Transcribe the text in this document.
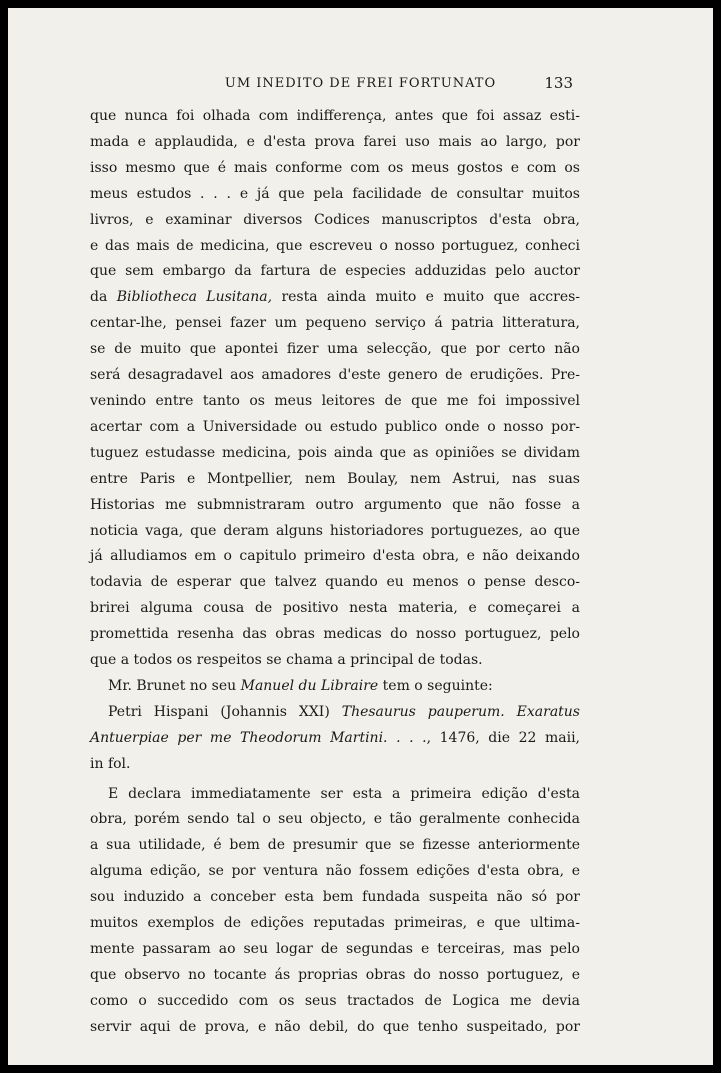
UM INEDITO DE FREI FORTUNATO	133

que nunca foi olhada com indifferença, antes que foi assaz esti-

mada e applaudida, e d'esta prova farei uso mais ao largo, por

isso mesmo que é mais conforme com os meus gostos e com os

meus estudos . . . e já que pela facilidade de consultar muitos

livros, e examinar diversos Codices manuscriptos d'esta obra,

e das mais de medicina, que escreveu o nosso portuguez, conheci

que sem embargo da fartura de especies adduzidas pelo auctor

da Bibliotheca Lusitana, resta ainda muito e muito que accres-

centar-lhe, pensei fazer um pequeno serviço á patria litteratura,

se de muito que apontei fizer uma selecção, que por certo não

será desagradavel aos amadores d'este genero de erudições. Pre-

venindo entre tanto os meus leitores de que me foi impossivel

acertar com a Universidade ou estudo publico onde o nosso por-

tuguez estudasse medicina, pois ainda que as opiniões se dividam

entre Paris e Montpellier, nem Boulay, nem Astrui, nas suas

Historias me submnistraram outro argumento que não fosse a

noticia vaga, que deram alguns historiadores portuguezes, ao que

já alludiamos em o capitulo primeiro d'esta obra, e não deixando

todavia de esperar que talvez quando eu menos o pense desco-

brirei alguma cousa de positivo nesta materia, e começarei a

promettida resenha das obras medicas do nosso portuguez, pelo

que a todos os respeitos se chama a principal de todas.

Mr. Brunet no seu Manuel du Libraire tem o seguinte:

Petri Hispani (Johannis XXI) Thesaurus pauperum. Exaratus

Antuerpiae per me Theodorum Martini. . . ., 1476, die 22 maii,

in fol.

E declara immediatamente ser esta a primeira edição d'esta

obra, porém sendo tal o seu objecto, e tão geralmente conhecida

a sua utilidade, é bem de presumir que se fizesse anteriormente

alguma edição, se por ventura não fossem edições d'esta obra, e

sou induzido a conceber esta bem fundada suspeita não só por

muitos exemplos de edições reputadas primeiras, e que ultima-

mente passaram ao seu logar de segundas e terceiras, mas pelo

que observo no tocante ás proprias obras do nosso portuguez, e

como o succedido com os seus tractados de Logica me devia

servir aqui de prova, e não debil, do que tenho suspeitado, por
